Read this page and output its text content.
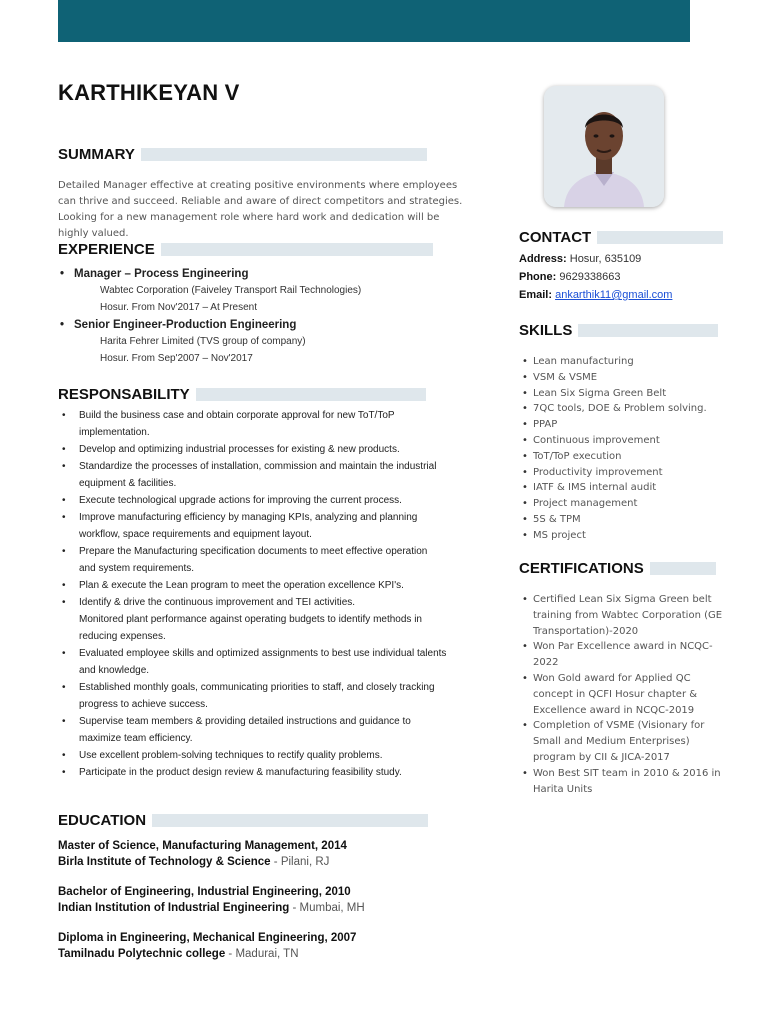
KARTHIKEYAN V
SUMMARY
Detailed Manager effective at creating positive environments where employees can thrive and succeed. Reliable and aware of direct competitors and strategies. Looking for a new management role where hard work and dedication will be highly valued.
EXPERIENCE
• Manager – Process Engineering
Wabtec Corporation (Faiveley Transport Rail Technologies)
Hosur. From Nov'2017 – At Present
• Senior Engineer-Production Engineering
Harita Fehrer Limited (TVS group of company)
Hosur. From Sep'2007 – Nov'2017
RESPONSABILITY
• Build the business case and obtain corporate approval for new ToT/ToP
implementation.
• Develop and optimizing industrial processes for existing & new products.
• Standardize the processes of installation, commission and maintain the industrial
equipment & facilities.
• Execute technological upgrade actions for improving the current process.
• Improve manufacturing efficiency by managing KPIs, analyzing and planning
workflow, space requirements and equipment layout.
• Prepare the Manufacturing specification documents to meet effective operation
and system requirements.
• Plan & execute the Lean program to meet the operation excellence KPI's.
• Identify & drive the continuous improvement and TEI activities.
Monitored plant performance against operating budgets to identify methods in
reducing expenses.
• Evaluated employee skills and optimized assignments to best use individual talents
and knowledge.
• Established monthly goals, communicating priorities to staff, and closely tracking
progress to achieve success.
• Supervise team members & providing detailed instructions and guidance to
maximize team efficiency.
• Use excellent problem-solving techniques to rectify quality problems.
• Participate in the product design review & manufacturing feasibility study.
EDUCATION
Master of Science, Manufacturing Management, 2014
Birla Institute of Technology & Science - Pilani, RJ
Bachelor of Engineering, Industrial Engineering, 2010
Indian Institution of Industrial Engineering - Mumbai, MH
Diploma in Engineering, Mechanical Engineering, 2007
Tamilnadu Polytechnic college - Madurai, TN
CONTACT
Address: Hosur, 635109
Phone: 9629338663
Email: ankarthik11@gmail.com
SKILLS
• Lean manufacturing
• VSM & VSME
• Lean Six Sigma Green Belt
• 7QC tools, DOE & Problem solving.
• PPAP
• Continuous improvement
• ToT/ToP execution
• Productivity improvement
• IATF & IMS internal audit
• Project management
• 5S & TPM
• MS project
CERTIFICATIONS
• Certified Lean Six Sigma Green belt
training from Wabtec Corporation (GE
Transportation)-2020
• Won Par Excellence award in NCQC-
2022
• Won Gold award for Applied QC
concept in QCFI Hosur chapter &
Excellence award in NCQC-2019
• Completion of VSME (Visionary for
Small and Medium Enterprises)
program by CII & JICA-2017
• Won Best SIT team in 2010 & 2016 in
Harita Units
